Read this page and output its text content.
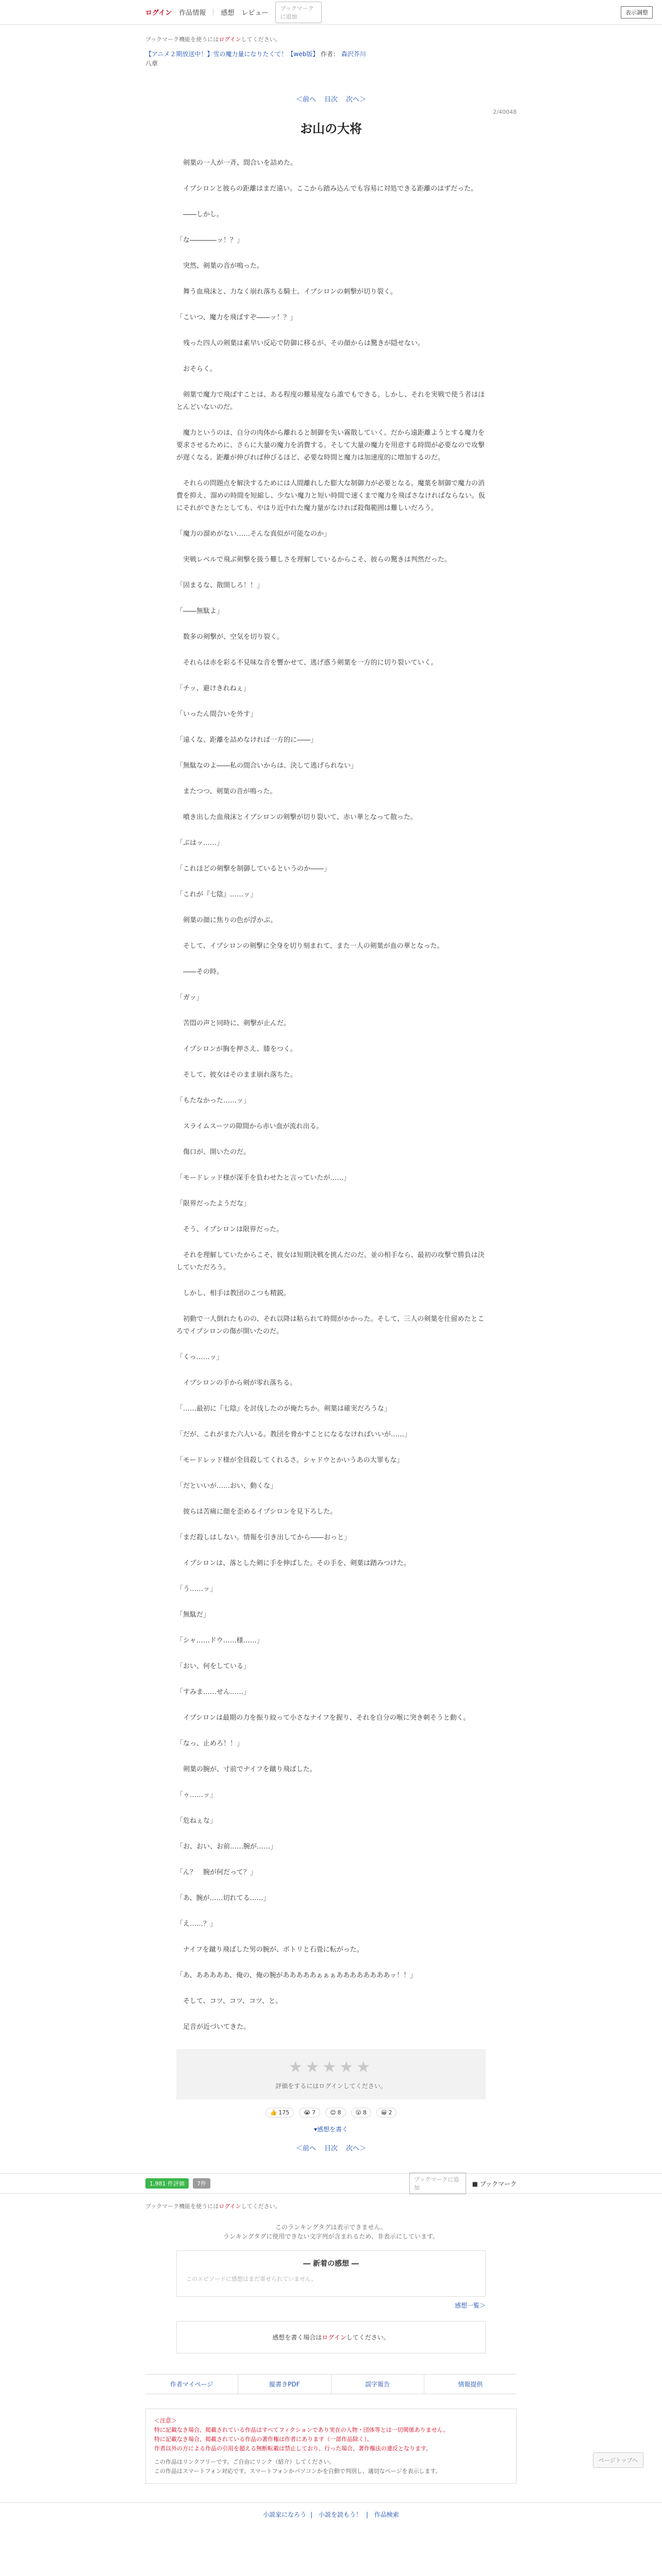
ログイン 作品情報 感想 レビュー
ブックマークに追加
表示調整
ブックマーク機能を使うにはログインしてください。
【アニメ２期放送中！】雪の魔力量になりたくて！【web版】 作者： 森沢芥川
八章
＜前へ 目次 次へ＞
2/40048
お山の大将

　剣葉の一人が一斉、間合いを詰めた。

　イプシロンと彼らの距離はまだ遠い。ここから踏み込んでも容易に対処できる距離のはずだった。

　――しかし。

「な――――ッ！？」

　突然、剣葉の音が鳴った。

　舞う血飛沫と、力なく崩れ落ちる騎士。イプシロンの刺撃が切り裂く。

「こいつ、魔力を飛ばすぞ――ッ！？」

　残った四人の剣葉は素早い反応で防御に移るが、その顔からは驚きが隠せない。

　おそらく。

　剣葉で魔力で飛ばすことは、ある程度の難易度なら誰でもできる。しかし、それを実戦で使う者はほとんどいないのだ。

　魔力というのは、自分の肉体から離れると制御を失い霧散していく。だから遠距離ようとする魔力を要求させるために、さらに大量の魔力を消費する。そして大量の魔力を用意する時間が必要なので攻撃が遅くなる。距離が伸びれば伸びるほど、必要な時間と魔力は加速度的に増加するのだ。

　それらの問題点を解決するためには人間離れした膨大な制御力が必要となる。魔葉を制御で魔力の消費を抑え、溜めの時間を短縮し、少ない魔力と短い時間で速くまで魔力を飛ばさなければならない。仮にそれができたとしても、やはり近中れた魔力量がなければ殺傷範囲は難しいだろう。

「魔力の溜めがない……そんな真似が可能なのか」

　実戦レベルで飛ぶ剣撃を扱う難しさを理解しているからこそ、彼らの驚きは判然だった。

「固まるな、散開しろ！！」

「――無駄よ」

　数多の剣撃が、空気を切り裂く。

　それらは赤を彩る不見味な音を響かせて、逃げ惑う剣葉を一方的に切り裂いていく。

「チッ、避けきれねぇ」

「いったん間合いを外す」

「遠くな、距離を詰めなければ一方的に――」

「無駄なのよ――私の間合いからは、決して逃げられない」

　またつつ、剣葉の音が鳴った。

　噴き出した血飛沫とイプシロンの剣撃が切り裂いて、赤い華となって散った。

「ぶはッ……」

「これほどの剣撃を制御しているというのか――」

「これが『七陰』……ッ」

　剣葉の顔に焦りの色が浮かぶ。

　そして、イプシロンの剣撃に全身を切り刻まれて、また一人の剣葉が血の華となった。

　――その時。

「ガッ」

　苦悶の声と同時に、剣撃が止んだ。

　イプシロンが胸を押さえ、膝をつく。

　そして、彼女はそのまま崩れ落ちた。

「もたなかった……ッ」

　スライムスーツの隙間から赤い血が流れ出る。

　傷口が、開いたのだ。

「モードレッド様が深手を負わせたと言っていたが……」

「限界だったようだな」

　そう、イプシロンは限界だった。

　それを理解していたからこそ、彼女は短期決戦を挑んだのだ。並の相手なら、最初の攻撃で勝負は決していただろう。

　しかし、相手は教団のこつも精鋭。

　初動で一人倒れたものの、それ以降は粘られて時間がかかった。そして、三人の剣葉を仕留めたところでイプシロンの傷が開いたのだ。

「くっ……ッ」

　イプシロンの手から剣が零れ落ちる。

「……最初に『七陰』を討伐したのが俺たちか。剣葉は確実だろうな」

「だが、これがまた六人いる。教団を脅かすことになるなければいいが……」

「モードレッド様が全員殺してくれるさ。シャドウとかいうあの大罪もな」

「だといいが……おい、動くな」

　彼らは苦痛に顔を歪めるイプシロンを見下ろした。

「まだ殺しはしない。情報を引き出してから――おっと」

　イプシロンは、落とした剣に手を伸ばした。その手を、剣葉は踏みつけた。

「う……ッ」

「無駄だ」

「シャ……ドウ……様……」

「おい、何をしている」

「すみま……せん……」

　イプシロンは最期の力を振り絞って小さなナイフを握り、それを自分の喉に突き刺そうと動く。

「なっ、止めろ！！」

　剣葉の腕が、寸前でナイフを蹴り飛ばした。

「ゥ……ッ」

「危ねぇな」

「お、おい、お前……腕が……」

「ん？　腕が何だって？」

「あ、腕が……切れてる……」

「え……？」

　ナイフを蹴り飛ばした男の腕が、ポトリと石畳に転がった。

「あ、あああああ、俺の、俺の腕があああああぁぁぁああああああああッ！！」

　そして、コツ、コツ、コツ、と。

　足音が近づいてきた。

★★★★★
評価をするにはログインしてください。
👍 175	😭 7	😊 8	😮 8	😀 2
▾感想を書く
＜前へ 目次 次へ＞
1,981 件評価	7件
ブックマークに追加
■ ブックマーク
ブックマーク機能を使うにはログインしてください。
このランキングタグは表示できません。
ランキングタグに使用できない文字列が含まれるため、非表示にしています。
― 新着の感想 ―
このエピソードに感想はまだ寄せられていません。
感想一覧＞
感想を書く場合はログインしてください。
作者マイページ	縦書きPDF	誤字報告	情報提供
＜注意＞
特に記載なき場合、掲載されている作品はすべてフィクションであり実在の人物・団体等とは一切関係ありません。
特に記載なき場合、掲載されている作品の著作権は作者にあります（一部作品除く）。
作者以外の方による作品の引用を超える無断転載は禁止しており、行った場合、著作権法の違反となります。
この作品はリンクフリーです。ご自由にリンク（紹介）してください。
この作品はスマートフォン対応です。スマートフォンかパソコンかを自動で判別し、適切なページを表示します。
小説家になろう | 小説を読もう！ | 作品検索
ページトップへ
